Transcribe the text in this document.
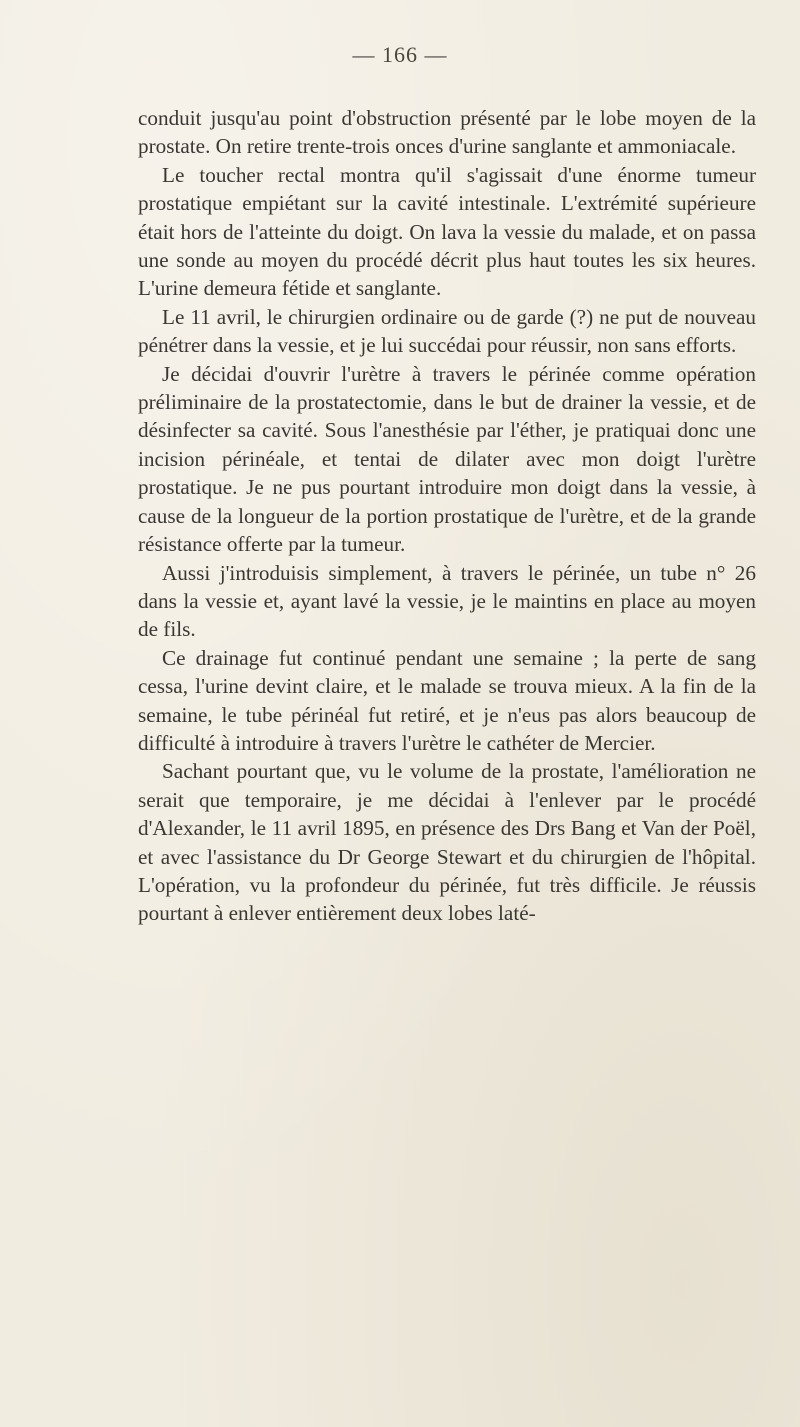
— 166 —

conduit jusqu'au point d'obstruction présenté par le lobe moyen de la prostate. On retire trente-trois onces d'urine sanglante et ammoniacale.

Le toucher rectal montra qu'il s'agissait d'une énorme tumeur prostatique empiétant sur la cavité intestinale. L'extrémité supérieure était hors de l'atteinte du doigt. On lava la vessie du malade, et on passa une sonde au moyen du procédé décrit plus haut toutes les six heures. L'urine demeura fétide et sanglante.

Le 11 avril, le chirurgien ordinaire ou de garde (?) ne put de nouveau pénétrer dans la vessie, et je lui succédai pour réussir, non sans efforts.

Je décidai d'ouvrir l'urètre à travers le périnée comme opération préliminaire de la prostatectomie, dans le but de drainer la vessie, et de désinfecter sa cavité. Sous l'anesthésie par l'éther, je pratiquai donc une incision périnéale, et tentai de dilater avec mon doigt l'urètre prostatique. Je ne pus pourtant introduire mon doigt dans la vessie, à cause de la longueur de la portion prostatique de l'urètre, et de la grande résistance offerte par la tumeur.

Aussi j'introduisis simplement, à travers le périnée, un tube n° 26 dans la vessie et, ayant lavé la vessie, je le maintins en place au moyen de fils.

Ce drainage fut continué pendant une semaine ; la perte de sang cessa, l'urine devint claire, et le malade se trouva mieux. A la fin de la semaine, le tube périnéal fut retiré, et je n'eus pas alors beaucoup de difficulté à introduire à travers l'urètre le cathéter de Mercier.

Sachant pourtant que, vu le volume de la prostate, l'amélioration ne serait que temporaire, je me décidai à l'enlever par le procédé d'Alexander, le 11 avril 1895, en présence des Drs Bang et Van der Poël, et avec l'assistance du Dr George Stewart et du chirurgien de l'hôpital. L'opération, vu la profondeur du périnée, fut très difficile. Je réussis pourtant à enlever entièrement deux lobes laté-
